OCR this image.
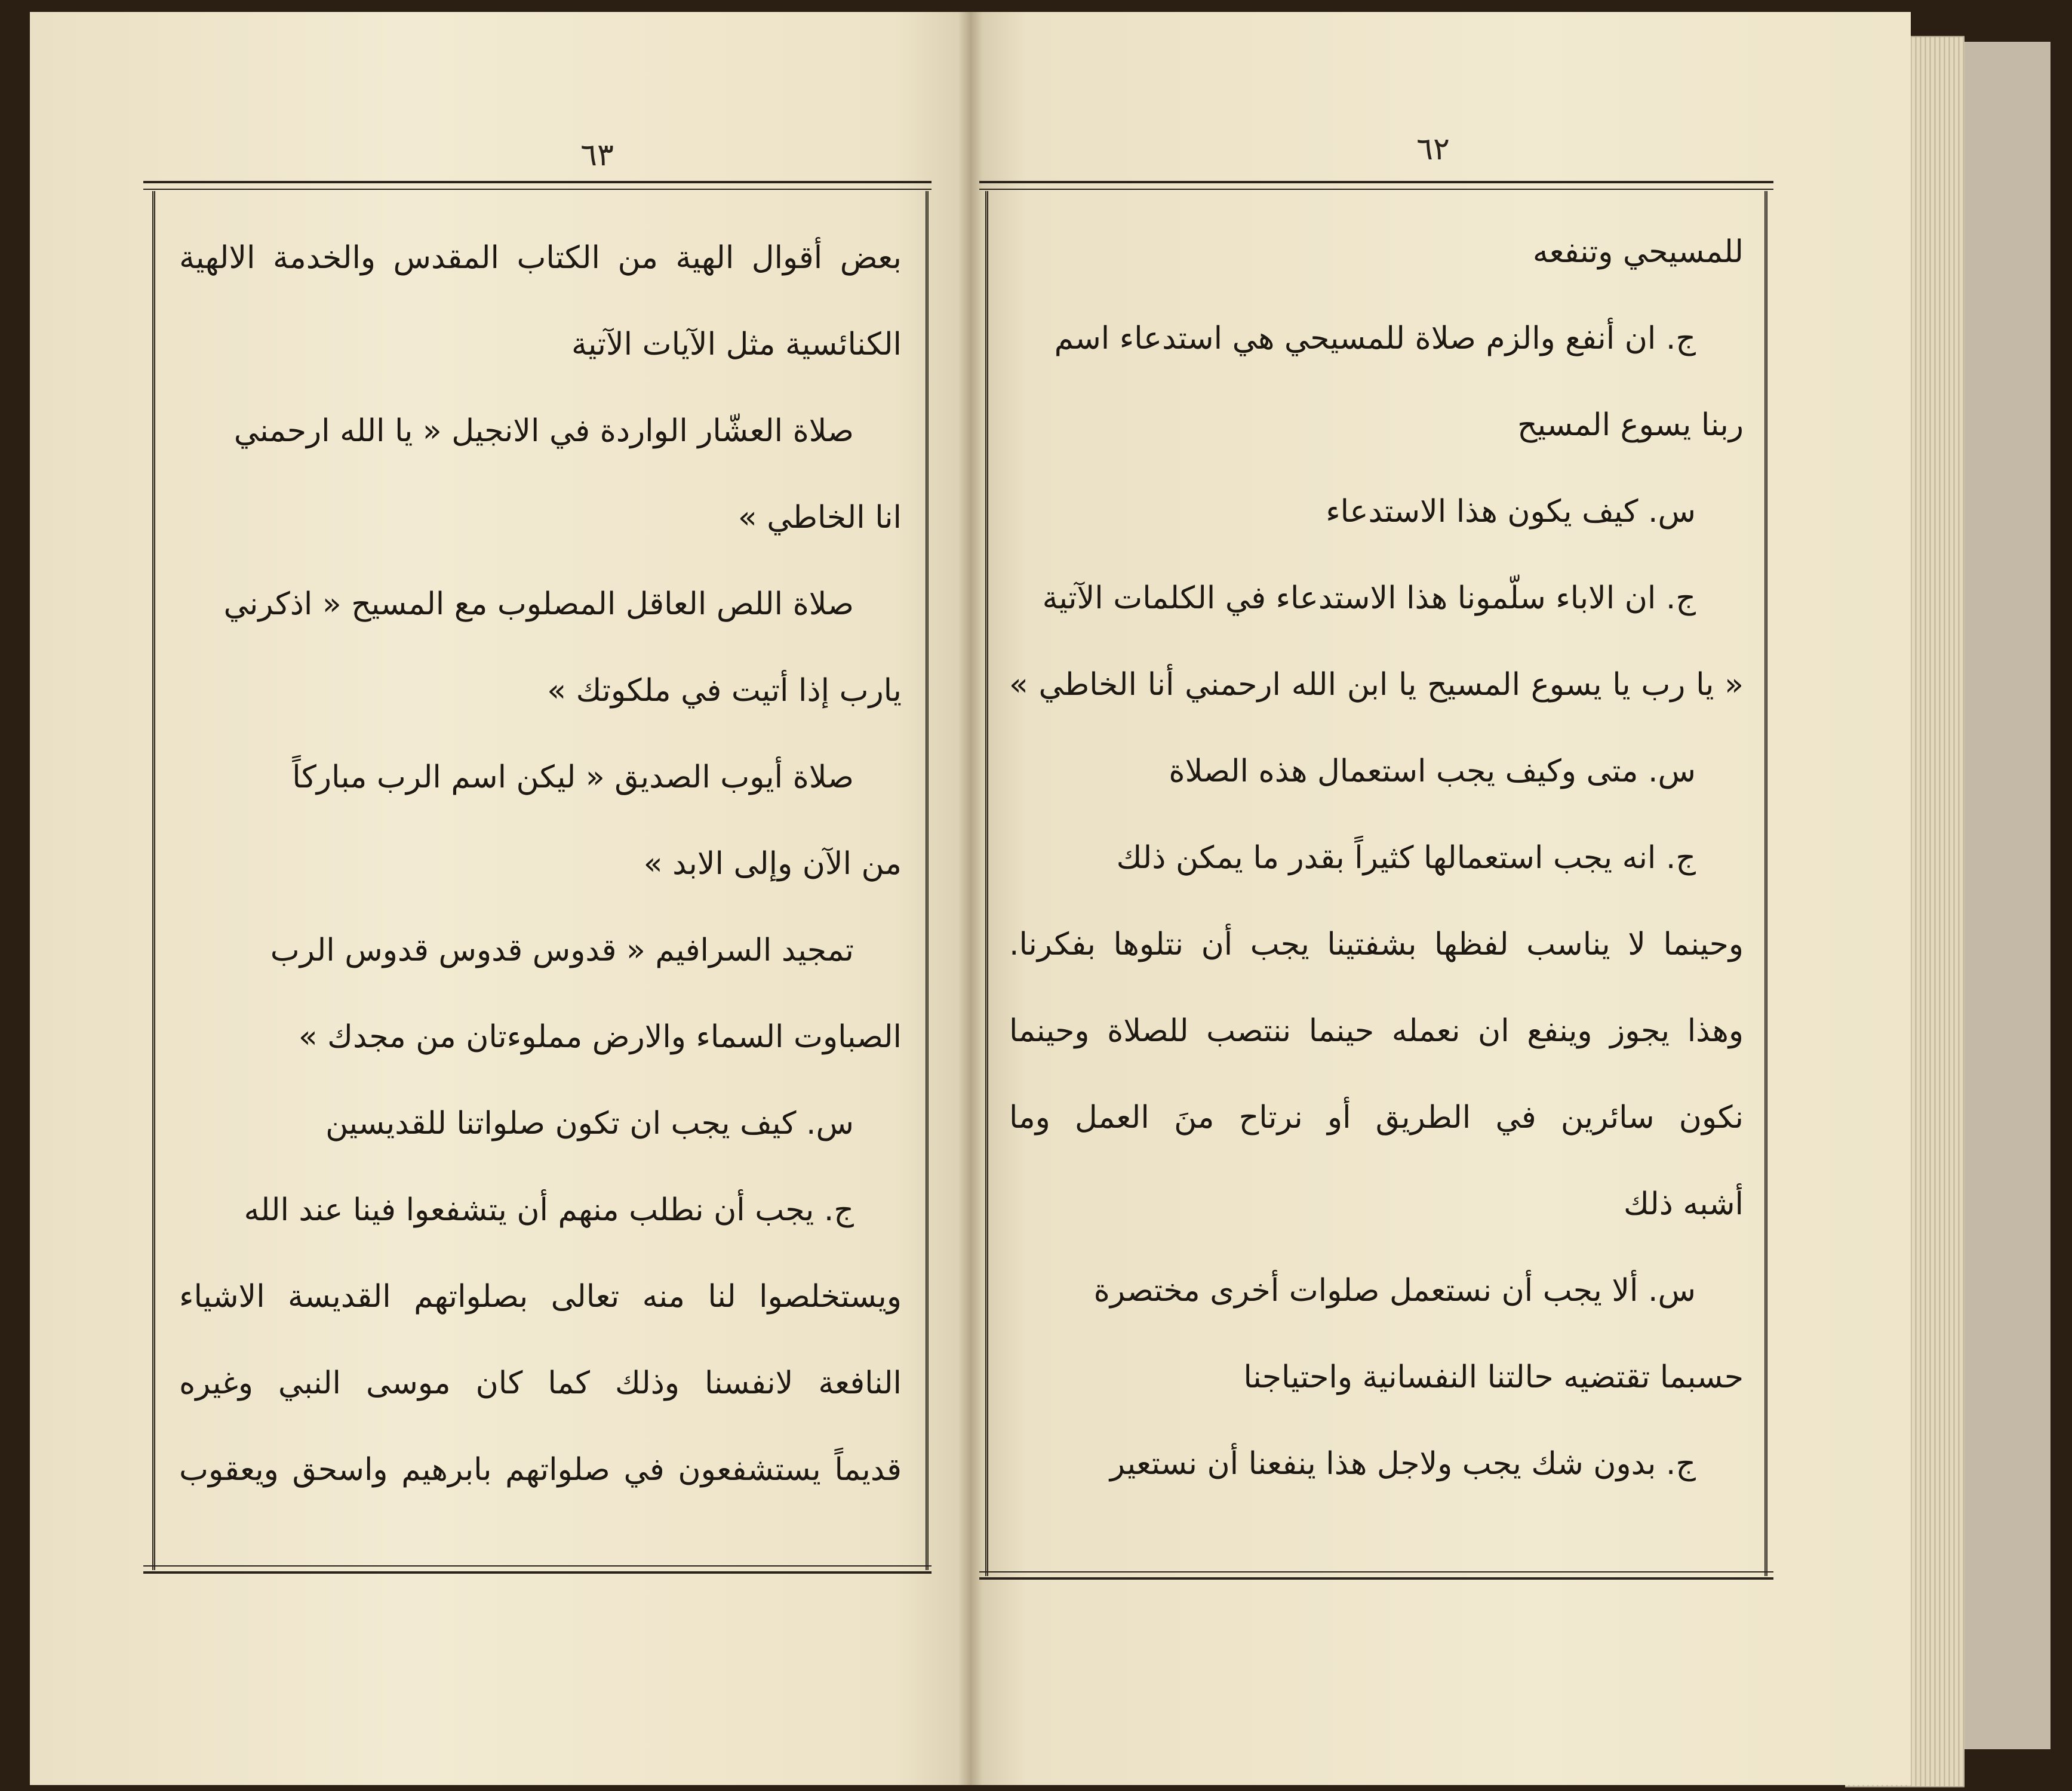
٦٣	٦٢
بعض أقوال الهية من الكتاب المقدس والخدمة الالهية
الكنائسية مثل الآيات الآتية
صلاة العشّار الواردة في الانجيل « يا الله ارحمني
انا الخاطي »
صلاة اللص العاقل المصلوب مع المسيح « اذكرني
يارب إذا أتيت في ملكوتك »
صلاة أيوب الصديق « ليكن اسم الرب مباركاً
من الآن وإلى الابد »
تمجيد السرافيم « قدوس قدوس قدوس الرب
الصباوت السماء والارض مملوءتان من مجدك »
س. كيف يجب ان تكون صلواتنا للقديسين
ج. يجب أن نطلب منهم أن يتشفعوا فينا عند الله
ويستخلصوا لنا منه تعالى بصلواتهم القديسة الاشياء
النافعة لانفسنا وذلك كما كان موسى النبي وغيره
قديماً يستشفعون في صلواتهم بابرهيم واسحق ويعقوب
للمسيحي وتنفعه
ج. ان أنفع والزم صلاة للمسيحي هي استدعاء اسم
ربنا يسوع المسيح
س. كيف يكون هذا الاستدعاء
ج. ان الاباء سلّمونا هذا الاستدعاء في الكلمات الآتية
« يا رب يا يسوع المسيح يا ابن الله ارحمني أنا الخاطي »
س. متى وكيف يجب استعمال هذه الصلاة
ج. انه يجب استعمالها كثيراً بقدر ما يمكن ذلك
وحينما لا يناسب لفظها بشفتينا يجب أن نتلوها بفكرنا.
وهذا يجوز وينفع ان نعمله حينما ننتصب للصلاة وحينما
نكون سائرين في الطريق أو نرتاح منَ العمل وما
أشبه ذلك
س. ألا يجب أن نستعمل صلوات أخرى مختصرة
حسبما تقتضيه حالتنا النفسانية واحتياجنا
ج. بدون شك يجب ولاجل هذا ينفعنا أن نستعير
